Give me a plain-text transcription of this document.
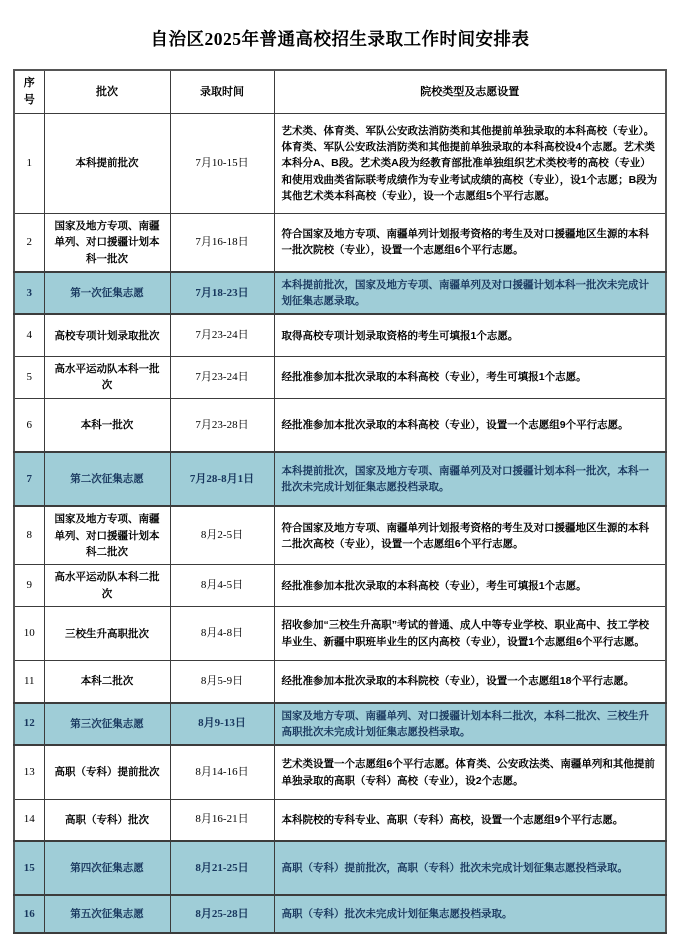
自治区2025年普通高校招生录取工作时间安排表
序号	批次	录取时间	院校类型及志愿设置
1	本科提前批次	7月10-15日	艺术类、体育类、军队公安政法消防类和其他提前单独录取的本科高校（专业）。体育类、军队公安政法消防类和其他提前单独录取的本科高校设4个志愿。艺术类本科分A、B段。艺术类A段为经教育部批准单独组织艺术类校考的高校（专业）和使用戏曲类省际联考成绩作为专业考试成绩的高校（专业），设1个志愿；B段为其他艺术类本科高校（专业），设一个志愿组5个平行志愿。
2	国家及地方专项、南疆单列、对口援疆计划本科一批次	7月16-18日	符合国家及地方专项、南疆单列计划报考资格的考生及对口援疆地区生源的本科一批次院校（专业），设置一个志愿组6个平行志愿。
3	第一次征集志愿	7月18-23日	本科提前批次，国家及地方专项、南疆单列及对口援疆计划本科一批次未完成计划征集志愿录取。
4	高校专项计划录取批次	7月23-24日	取得高校专项计划录取资格的考生可填报1个志愿。
5	高水平运动队本科一批次	7月23-24日	经批准参加本批次录取的本科高校（专业），考生可填报1个志愿。
6	本科一批次	7月23-28日	经批准参加本批次录取的本科高校（专业），设置一个志愿组9个平行志愿。
7	第二次征集志愿	7月28-8月1日	本科提前批次，国家及地方专项、南疆单列及对口援疆计划本科一批次，本科一批次未完成计划征集志愿投档录取。
8	国家及地方专项、南疆单列、对口援疆计划本科二批次	8月2-5日	符合国家及地方专项、南疆单列计划报考资格的考生及对口援疆地区生源的本科二批次高校（专业），设置一个志愿组6个平行志愿。
9	高水平运动队本科二批次	8月4-5日	经批准参加本批次录取的本科高校（专业），考生可填报1个志愿。
10	三校生升高职批次	8月4-8日	招收参加“三校生升高职”考试的普通、成人中等专业学校、职业高中、技工学校毕业生、新疆中职班毕业生的区内高校（专业），设置1个志愿组6个平行志愿。
11	本科二批次	8月5-9日	经批准参加本批次录取的本科院校（专业），设置一个志愿组18个平行志愿。
12	第三次征集志愿	8月9-13日	国家及地方专项、南疆单列、对口援疆计划本科二批次，本科二批次、三校生升高职批次未完成计划征集志愿投档录取。
13	高职（专科）提前批次	8月14-16日	艺术类设置一个志愿组6个平行志愿。体育类、公安政法类、南疆单列和其他提前单独录取的高职（专科）高校（专业），设2个志愿。
14	高职（专科）批次	8月16-21日	本科院校的专科专业、高职（专科）高校，设置一个志愿组9个平行志愿。
15	第四次征集志愿	8月21-25日	高职（专科）提前批次，高职（专科）批次未完成计划征集志愿投档录取。
16	第五次征集志愿	8月25-28日	高职（专科）批次未完成计划征集志愿投档录取。
